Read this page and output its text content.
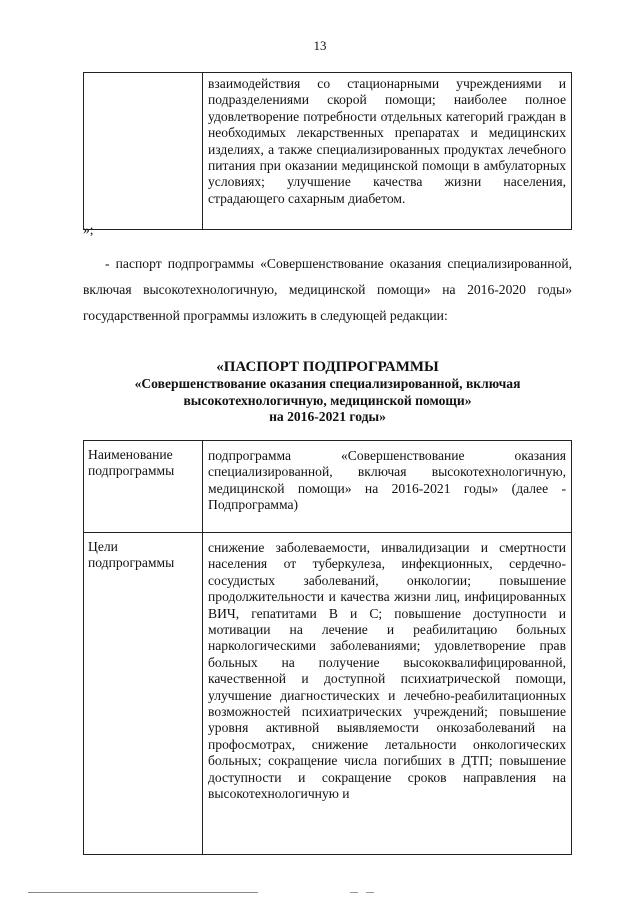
13
	взаимодействия со стационарными учреждениями и подразделениями скорой помощи; наиболее полное удовлетворение потребности отдельных категорий граждан в необходимых лекарственных препаратах и медицинских изделиях, а также специализированных продуктах лечебного питания при оказании медицинской помощи в амбулаторных условиях; улучшение качества жизни населения, страдающего сахарным диабетом.
»;
- паспорт подпрограммы «Совершенствование оказания специализированной, включая высокотехнологичную, медицинской помощи» на 2016-2020 годы» государственной программы изложить в следующей редакции:
«ПАСПОРТ ПОДПРОГРАММЫ
«Совершенствование оказания специализированной, включая
высокотехнологичную, медицинской помощи»
на 2016-2021 годы»
Наименование подпрограммы	подпрограмма «Совершенствование оказания специализированной, включая высокотехнологичную, медицинской помощи» на 2016-2021 годы» (далее - Подпрограмма)
Цели подпрограммы	снижение заболеваемости, инвалидизации и смертности населения от туберкулеза, инфекционных, сердечно-сосудистых заболеваний, онкологии; повышение продолжительности и качества жизни лиц, инфицированных ВИЧ, гепатитами В и С; повышение доступности и мотивации на лечение и реабилитацию больных наркологическими заболеваниями; удовлетворение прав больных на получение высококвалифицированной, качественной и доступной психиатрической помощи, улучшение диагностических и лечебно-реабилитационных возможностей психиатрических учреждений; повышение уровня активной выявляемости онкозаболеваний на профосмотрах, снижение летальности онкологических больных; сокращение числа погибших в ДТП; повышение доступности и сокращение сроков направления на высокотехнологичную и
